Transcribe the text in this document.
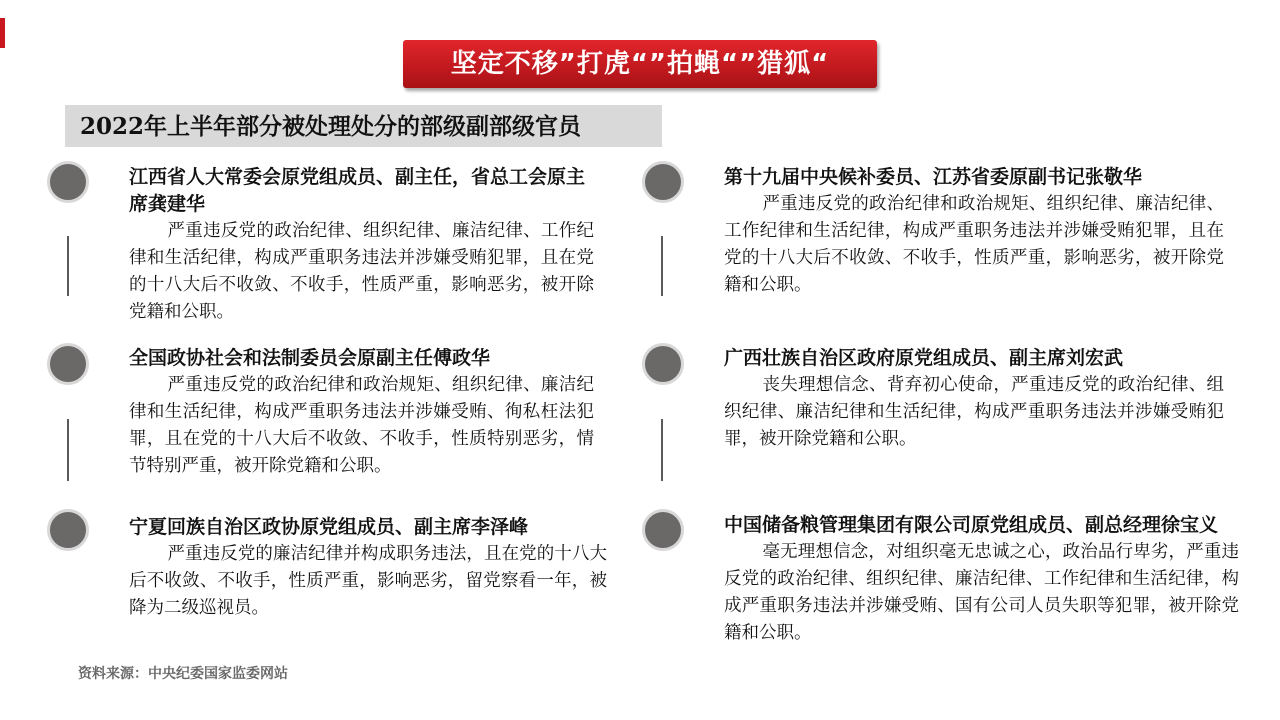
坚定不移”打虎“”拍蝇“”猎狐“
2022年上半年部分被处理处分的部级副部级官员
江西省人大常委会原党组成员、副主任，省总工会原主席龚建华
严重违反党的政治纪律、组织纪律、廉洁纪律、工作纪律和生活纪律，构成严重职务违法并涉嫌受贿犯罪，且在党的十八大后不收敛、不收手，性质严重，影响恶劣，被开除党籍和公职。
全国政协社会和法制委员会原副主任傅政华
严重违反党的政治纪律和政治规矩、组织纪律、廉洁纪律和生活纪律，构成严重职务违法并涉嫌受贿、徇私枉法犯罪，且在党的十八大后不收敛、不收手，性质特别恶劣，情节特别严重，被开除党籍和公职。
宁夏回族自治区政协原党组成员、副主席李泽峰
严重违反党的廉洁纪律并构成职务违法，且在党的十八大后不收敛、不收手，性质严重，影响恶劣，留党察看一年，被降为二级巡视员。
第十九届中央候补委员、江苏省委原副书记张敬华
严重违反党的政治纪律和政治规矩、组织纪律、廉洁纪律、工作纪律和生活纪律，构成严重职务违法并涉嫌受贿犯罪，且在党的十八大后不收敛、不收手，性质严重，影响恶劣，被开除党籍和公职。
广西壮族自治区政府原党组成员、副主席刘宏武
丧失理想信念、背弃初心使命，严重违反党的政治纪律、组织纪律、廉洁纪律和生活纪律，构成严重职务违法并涉嫌受贿犯罪，被开除党籍和公职。
中国储备粮管理集团有限公司原党组成员、副总经理徐宝义
毫无理想信念，对组织毫无忠诚之心，政治品行卑劣，严重违反党的政治纪律、组织纪律、廉洁纪律、工作纪律和生活纪律，构成严重职务违法并涉嫌受贿、国有公司人员失职等犯罪，被开除党籍和公职。
资料来源：中央纪委国家监委网站
